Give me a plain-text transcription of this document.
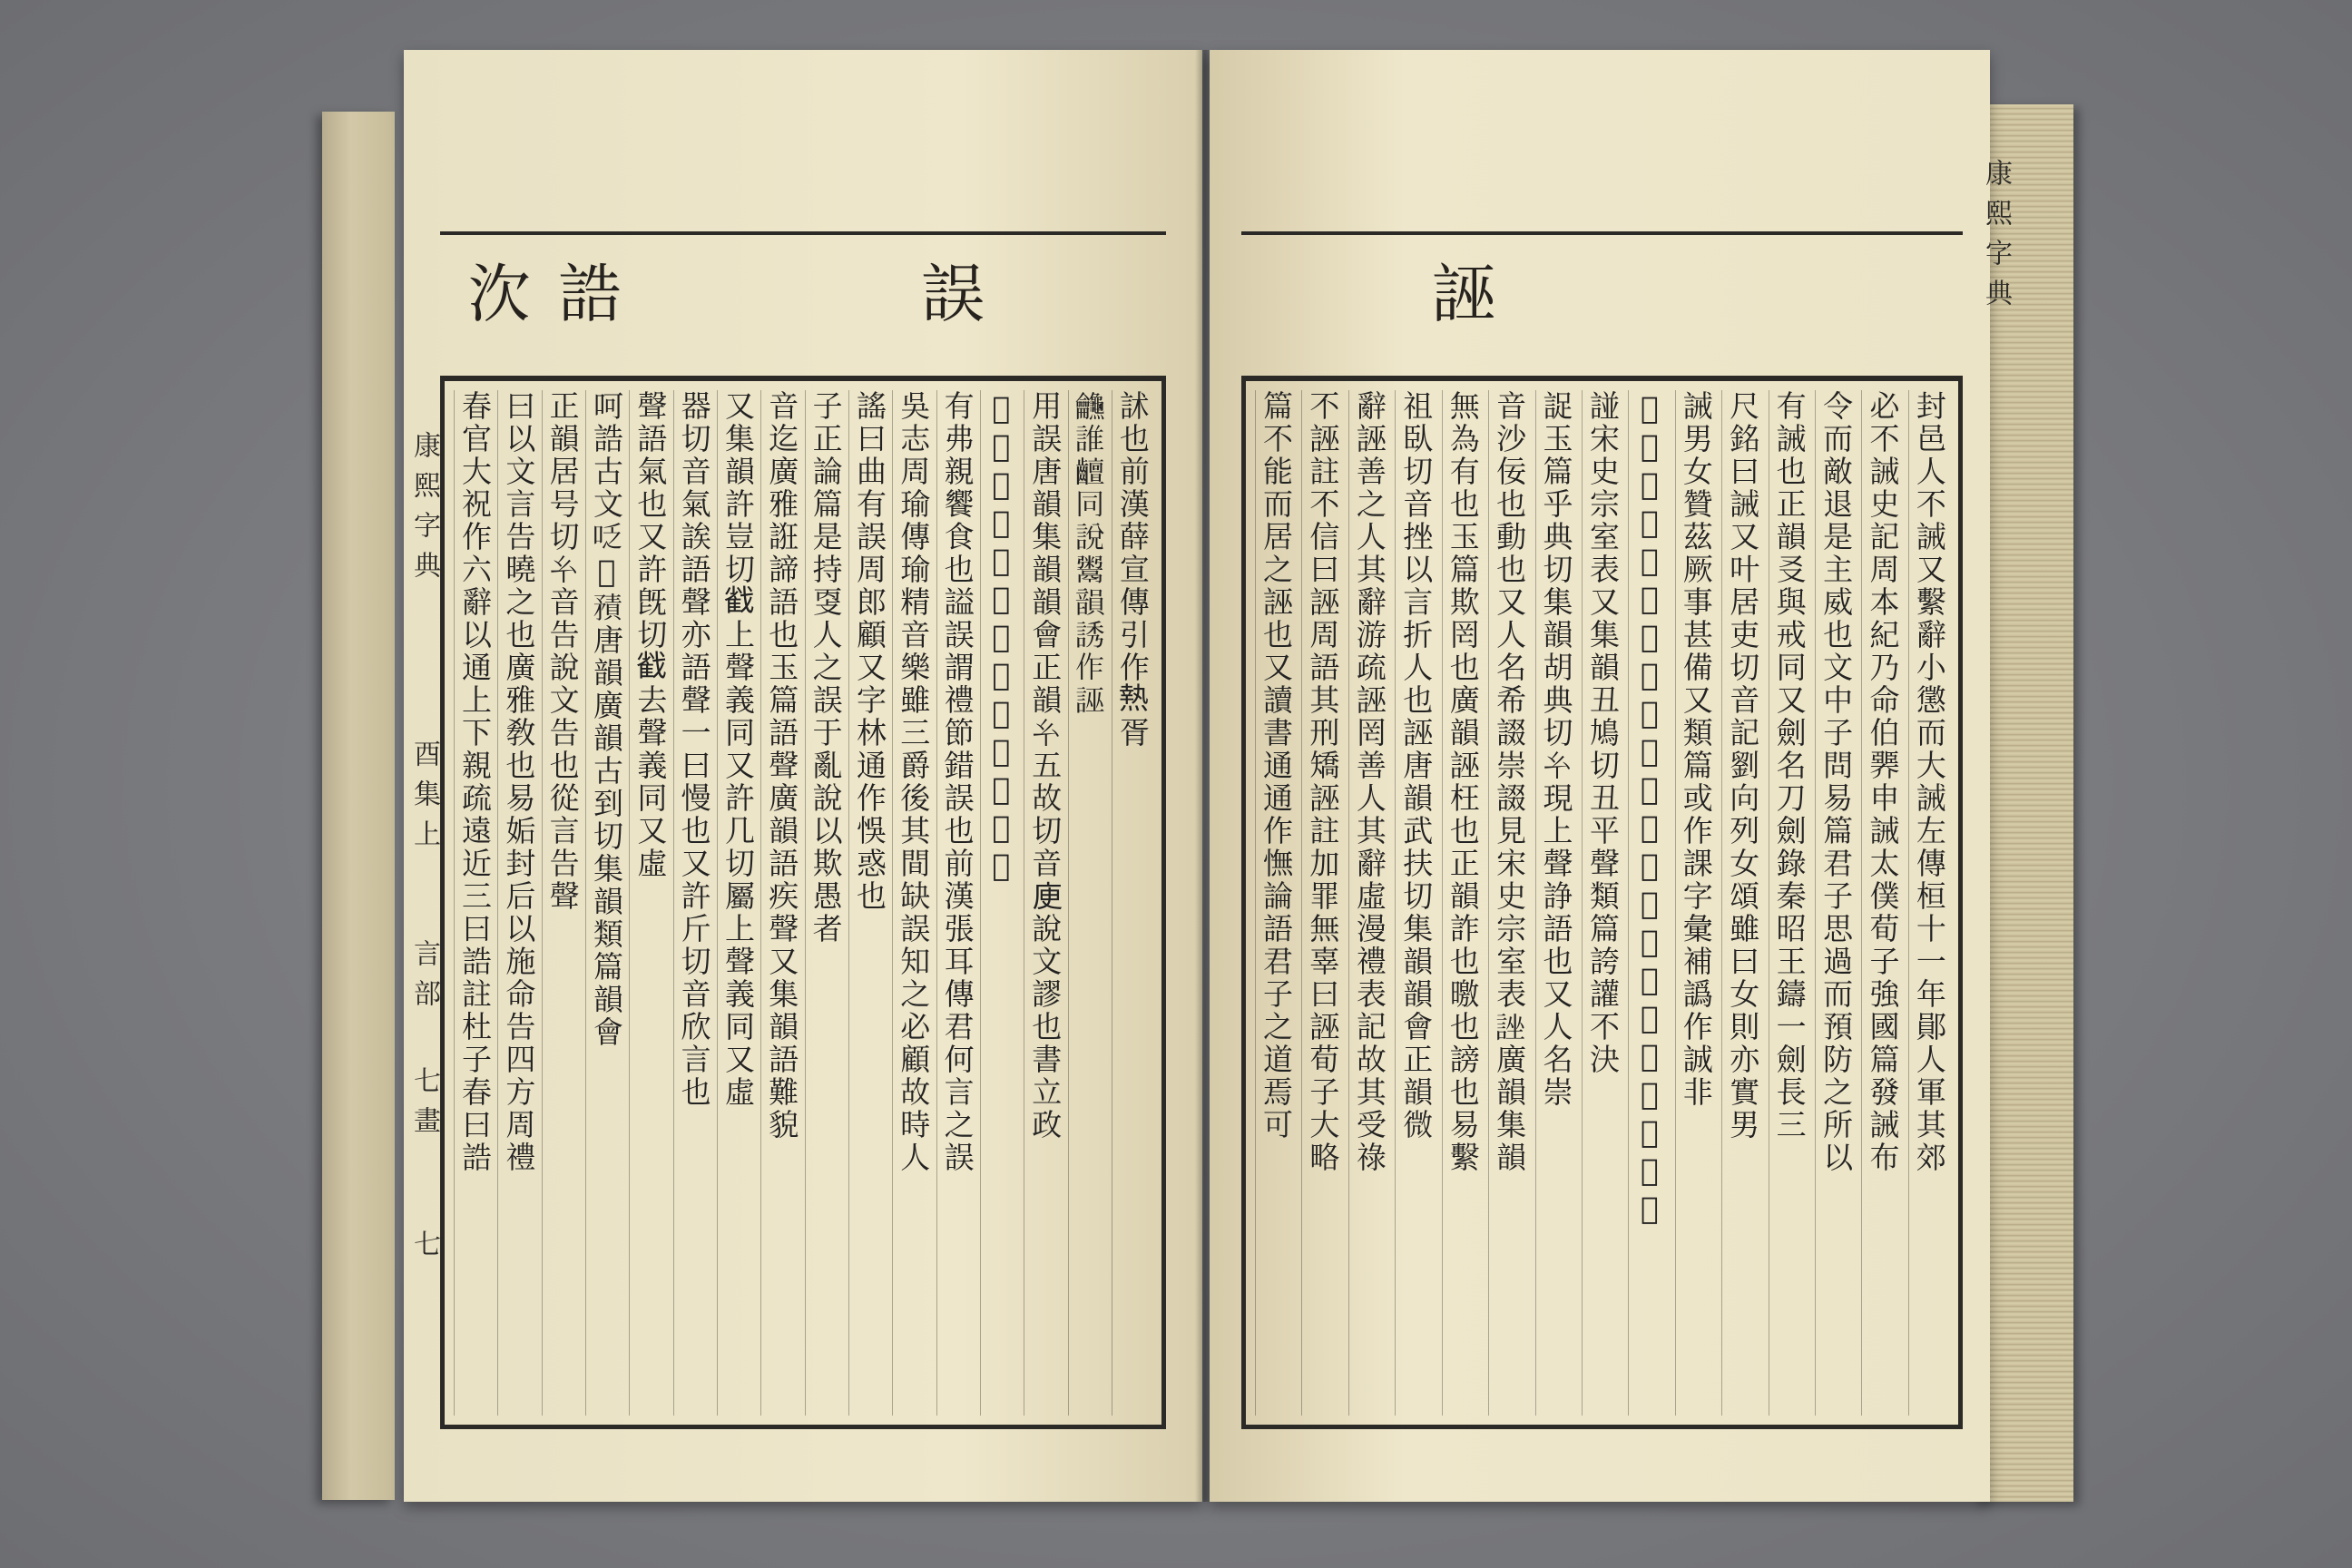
誤
誥
㳄
訹也前漢薛宣傳引作𤍠胥
𪛖誰𪙵同說鬻韻誘作誣
用誤唐韻集韻韻會正韻𢆯五故切音𢈔說文謬也書立政
𫿲誤其勿誤于庶獄庶愼惟正之
有弗親饗食也謚誤謂禮節錯誤也前漢張耳傳君何言之誤
吳志周瑜傳瑜精音樂雖三爵後其間缺誤知之必顧故時人
謠曰曲有誤周郎顧又字林通作悞惑也
子正論篇是持㪅人之誤于亂說以欺愚者
音迄廣雅誑諦語也玉篇語聲廣韻語疾聲又集韻語難貌
又集韻許豈切𢧵上聲義同又許几切屬上聲義同又虛
器切音氣誒語聲亦語聲一曰慢也又許斤切音欣言也
聲語氣也又許旣切𢧵去聲義同又虛
呵誥古文𠰏𥏭𥎍唐韻廣韻古到切集韻類篇韻會
正韻居号切𢆯音告說文告也從言告聲
曰以文言告曉之也廣雅敎也易姤封后以施命告四方周禮
春官大祝作六辭以通上下親疏遠近三曰誥註杜子春曰誥
康熙字典
酉集上
言部
七畫
七
誣
封邑人不誡又繫辭小懲而大誡左傳桓十一年鄖人軍其郊
必不誡史記周本紀乃命伯臩申誡太僕荀子強國篇發誡布
令而敵退是主威也文中子問易篇君子思過而預防之所以
有誡也正韻㕛與戒同又劍名刀劍錄秦昭王鑄一劍長三
尺銘曰誡又叶居吏切音記劉向列女頌雖曰女則亦實男
誡男女贊茲厥事甚備又類篇或作課字彙補譌作誠非
𧦬玉篇四丁切集韻滂丁切𢆯音俜言也又人名崇諵見
諩宋史宗室表又集韻丑鳩切丑平聲類篇誇讙不決
䛤玉篇乎典切集韻胡典切𢆯現上聲諍語也又人名崇
音沙佞也動也又人名希諁崇諁見宋史宗室表𧨀廣韻集韻
無為有也玉篇欺罔也廣韻誣枉也正韻詐也曒也謗也易繫
祖臥切音挫以言折人也誣唐韻武扶切集韻韻會正韻微
辭誣善之人其辭游疏誣罔善人其辭虛漫禮表記故其受祿
不誣註不信曰誣周語其刑矯誣註加罪無辜曰誣荀子大略
篇不能而居之誣也又讀書通通作憮論語君子之道焉可
康熙字典
